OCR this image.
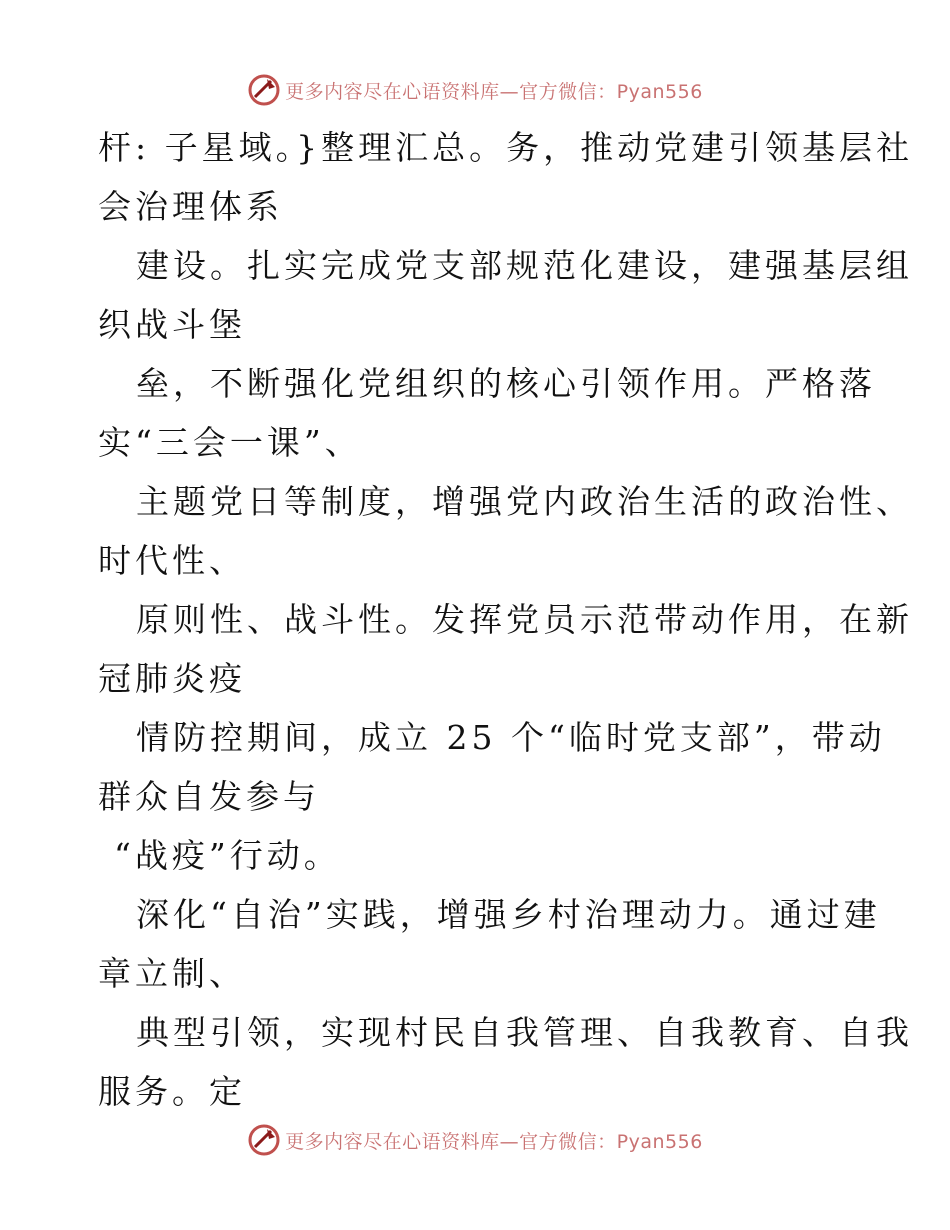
更多内容尽在心语资料库—官方微信：Pyan556
杆: 子星域。}整理汇总。务，推动党建引领基层社
会治理体系
建设。扎实完成党支部规范化建设，建强基层组
织战斗堡
垒，不断强化党组织的核心引领作用。严格落
实“三会一课”、
主题党日等制度，增强党内政治生活的政治性、
时代性、
原则性、战斗性。发挥党员示范带动作用，在新
冠肺炎疫
情防控期间，成立 25 个“临时党支部”，带动
群众自发参与
“战疫”行动。
深化“自治”实践，增强乡村治理动力。通过建
章立制、
典型引领，实现村民自我管理、自我教育、自我
服务。定
更多内容尽在心语资料库—官方微信：Pyan556
